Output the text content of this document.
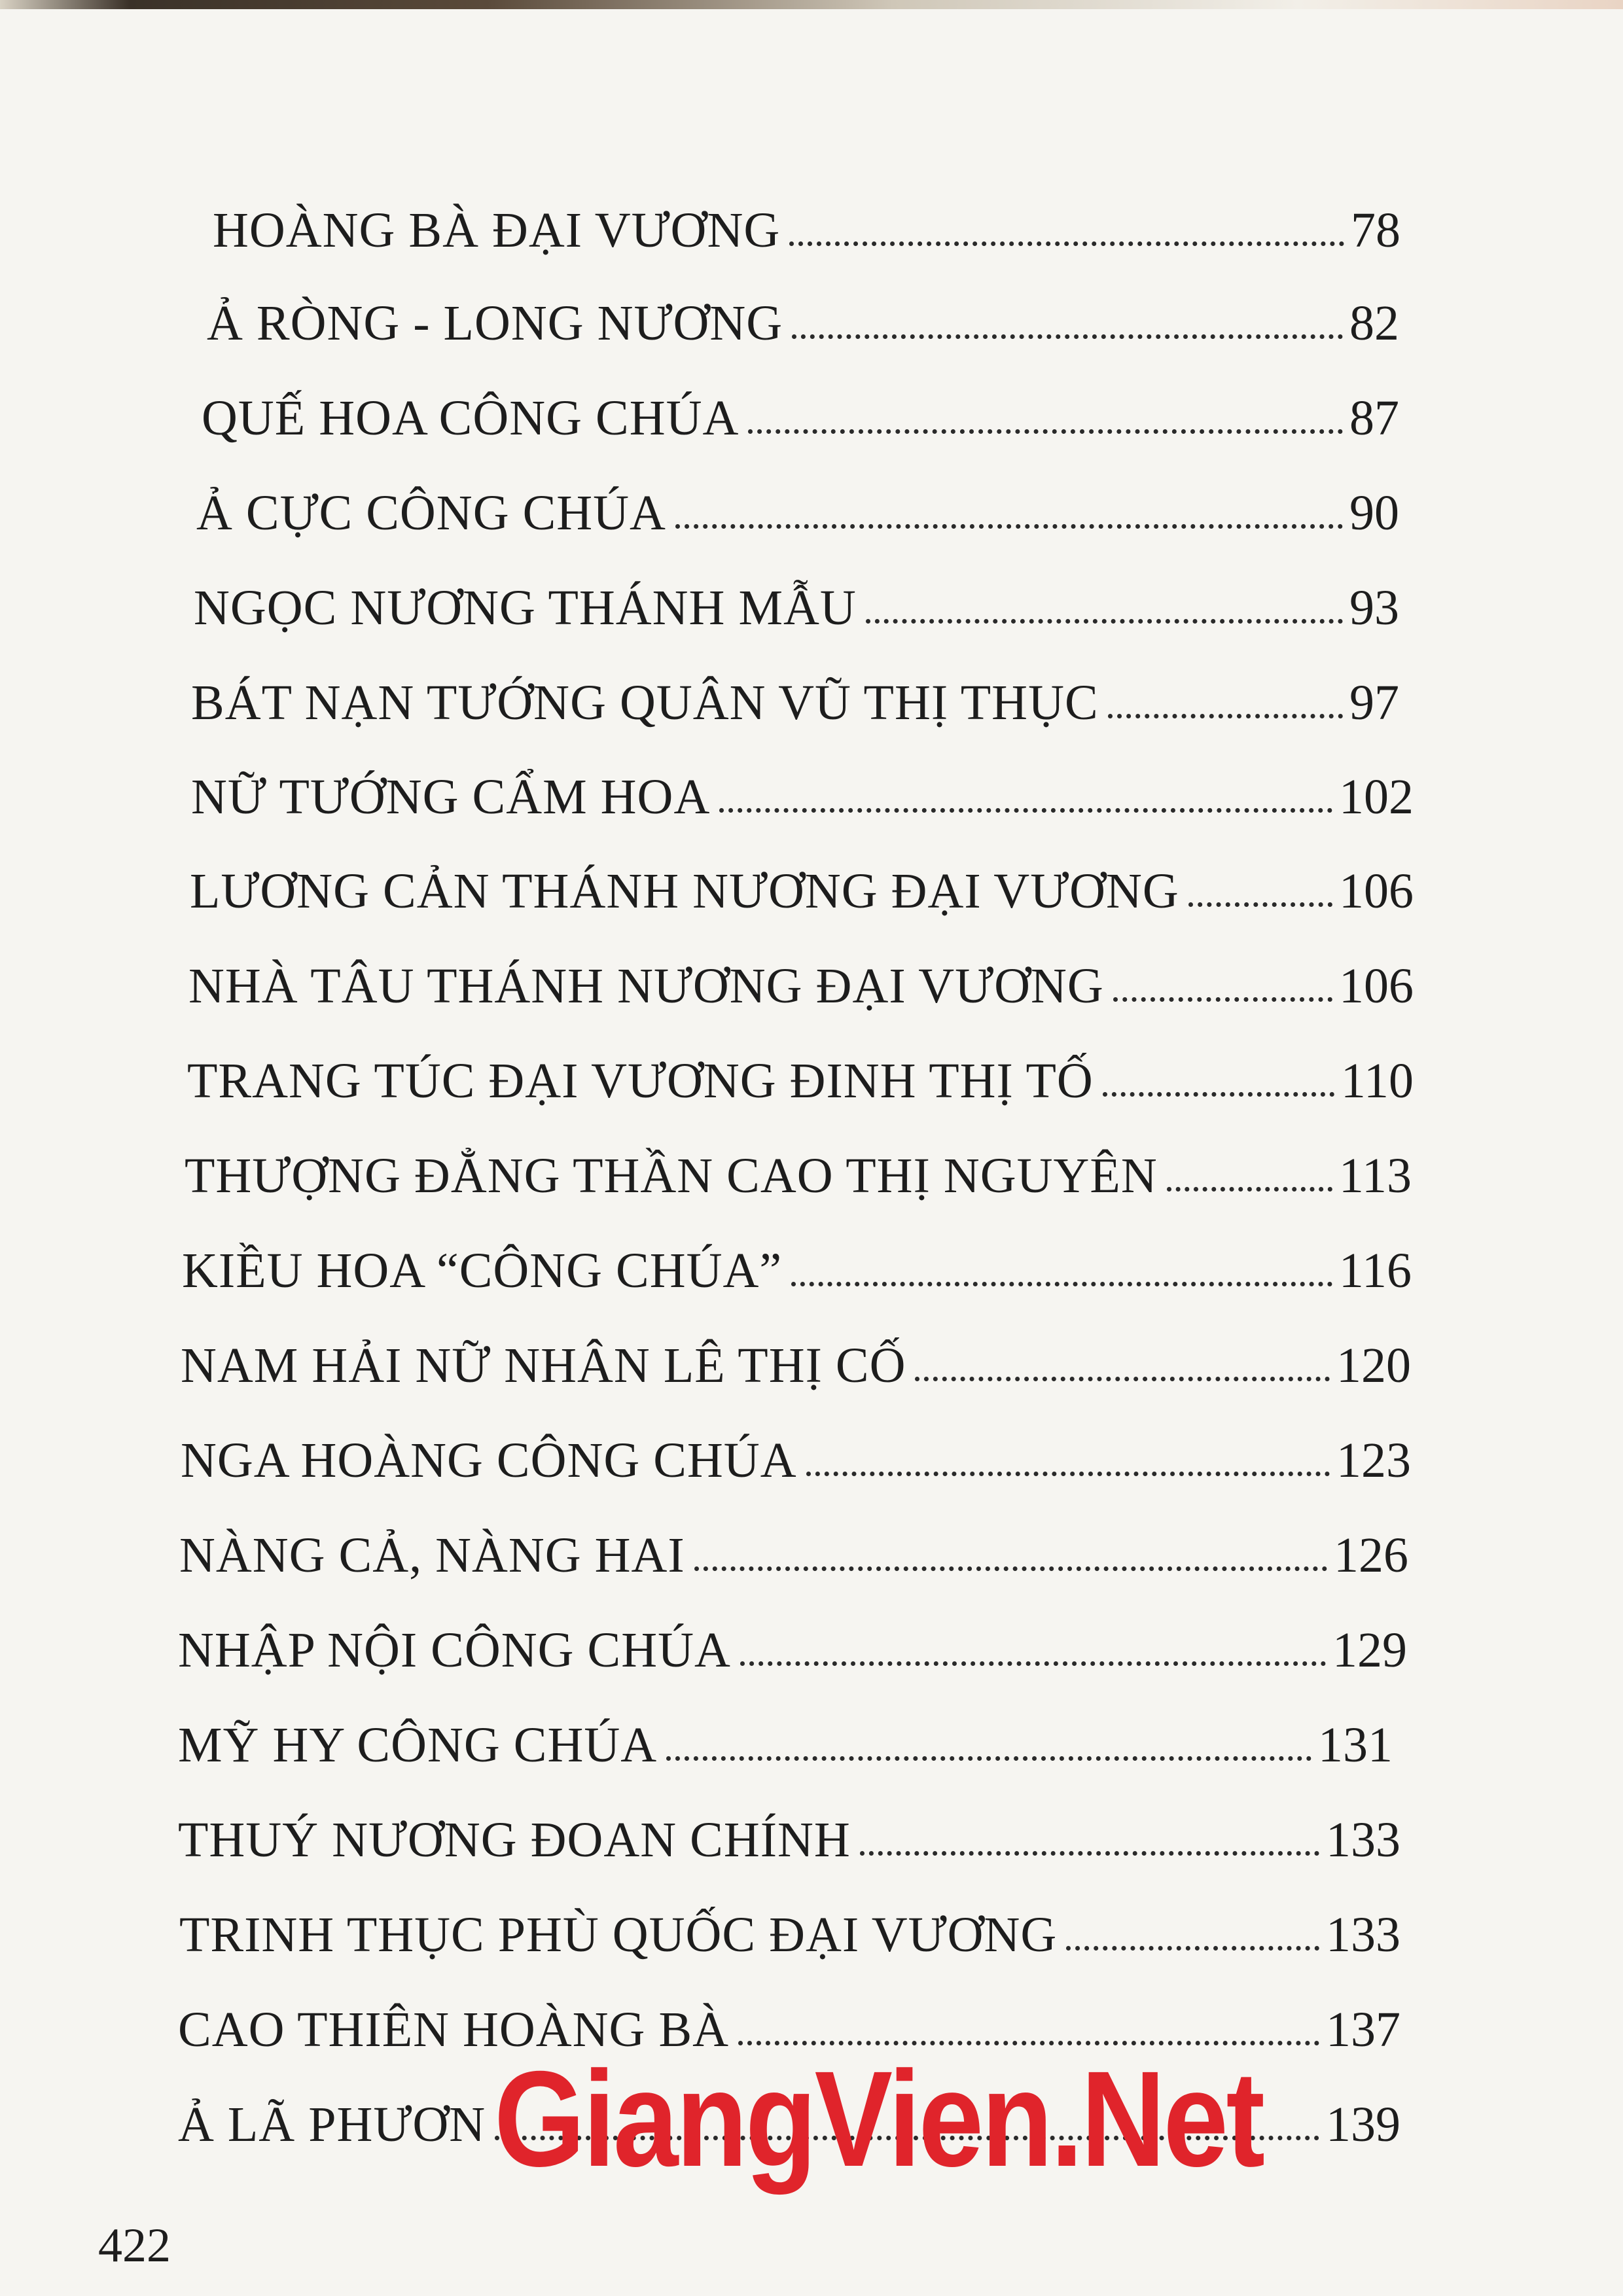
HOÀNG BÀ ĐẠI VƯƠNG	78
Ả RÒNG - LONG NƯƠNG	82
QUẾ HOA CÔNG CHÚA	87
Ả CỰC CÔNG CHÚA	90
NGỌC NƯƠNG THÁNH MẪU	93
BÁT NẠN TƯỚNG QUÂN VŨ THỊ THỤC	97
NỮ TƯỚNG CẨM HOA	102
LƯƠNG CẢN THÁNH NƯƠNG ĐẠI VƯƠNG	106
NHÀ TÂU THÁNH NƯƠNG ĐẠI VƯƠNG	106
TRANG TÚC ĐẠI VƯƠNG ĐINH THỊ TỐ	110
THƯỢNG ĐẲNG THẦN CAO THỊ NGUYÊN	113
KIỀU HOA “CÔNG CHÚA”	116
NAM HẢI NỮ NHÂN LÊ THỊ CỐ	120
NGA HOÀNG CÔNG CHÚA	123
NÀNG CẢ, NÀNG HAI	126
NHẬP NỘI CÔNG CHÚA	129
MỸ HY CÔNG CHÚA	131
THUÝ NƯƠNG ĐOAN CHÍNH	133
TRINH THỤC PHÙ QUỐC ĐẠI VƯƠNG	133
CAO THIÊN HOÀNG BÀ	137
Ả LÃ PHƯƠN	139
GiangVien.Net
422
